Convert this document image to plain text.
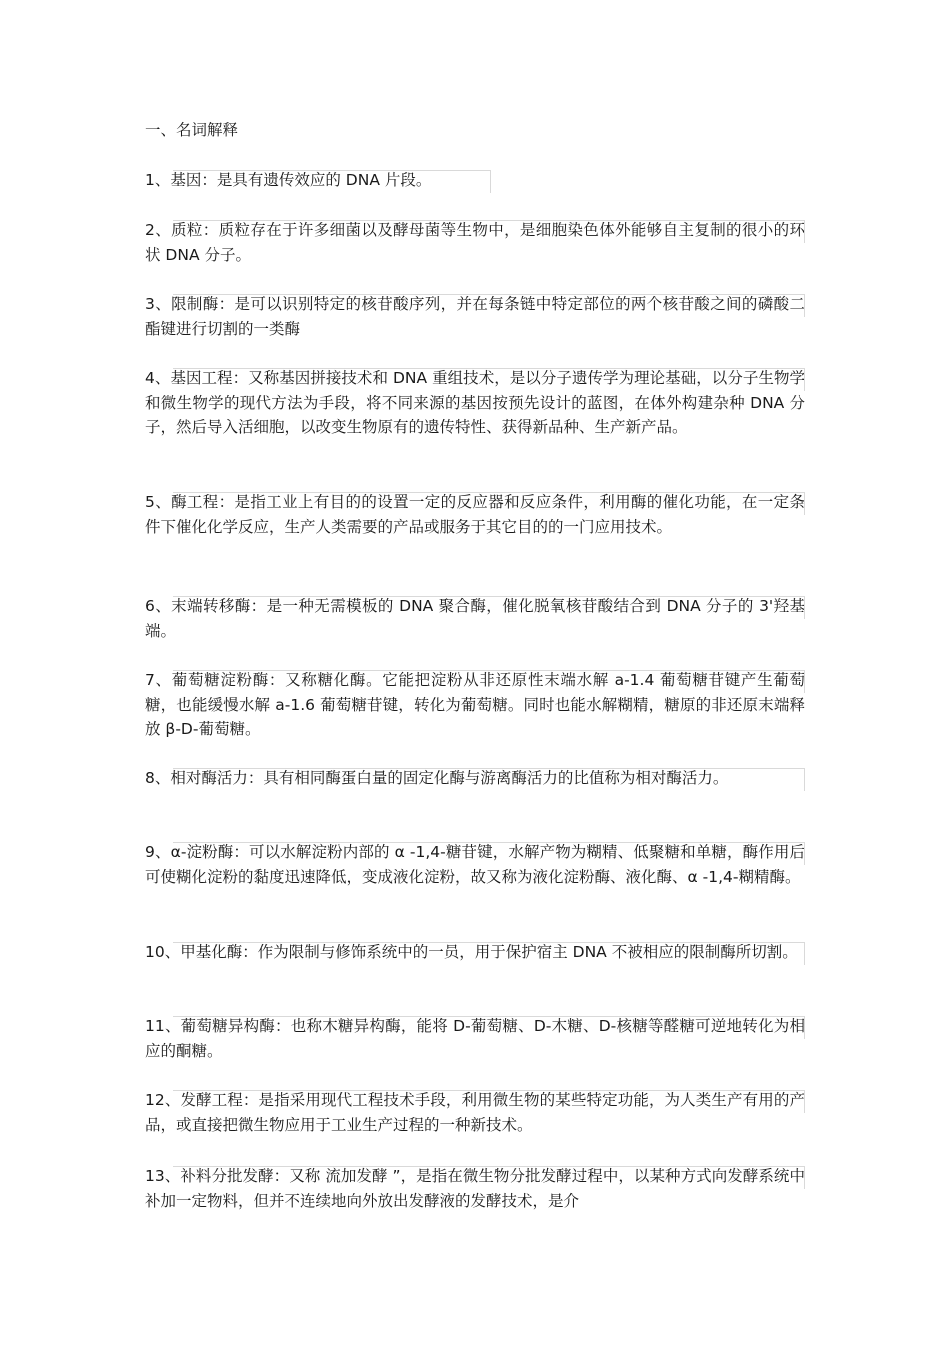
一、名词解释

1、基因：是具有遗传效应的 DNA 片段。

2、质粒：质粒存在于许多细菌以及酵母菌等生物中，是细胞染色体外能够自主复制的很小的环状 DNA 分子。

3、限制酶：是可以识别特定的核苷酸序列，并在每条链中特定部位的两个核苷酸之间的磷酸二酯键进行切割的一类酶

4、基因工程：又称基因拼接技术和 DNA 重组技术，是以分子遗传学为理论基础，以分子生物学和微生物学的现代方法为手段，将不同来源的基因按预先设计的蓝图，在体外构建杂种 DNA 分子，然后导入活细胞，以改变生物原有的遗传特性、获得新品种、生产新产品。

5、酶工程：是指工业上有目的的设置一定的反应器和反应条件，利用酶的催化功能，在一定条件下催化化学反应，生产人类需要的产品或服务于其它目的的一门应用技术。

6、末端转移酶：是一种无需模板的 DNA 聚合酶，催化脱氧核苷酸结合到 DNA 分子的 3'羟基端。

7、葡萄糖淀粉酶：又称糖化酶。它能把淀粉从非还原性末端水解 a-1.4 葡萄糖苷键产生葡萄糖，也能缓慢水解 a-1.6 葡萄糖苷键，转化为葡萄糖。同时也能水解糊精，糖原的非还原末端释放 β-D-葡萄糖。

8、相对酶活力：具有相同酶蛋白量的固定化酶与游离酶活力的比值称为相对酶活力。

9、α-淀粉酶：可以水解淀粉内部的 α -1,4-糖苷键，水解产物为糊精、低聚糖和单糖，酶作用后可使糊化淀粉的黏度迅速降低，变成液化淀粉，故又称为液化淀粉酶、液化酶、α -1,4-糊精酶。

10、甲基化酶：作为限制与修饰系统中的一员，用于保护宿主 DNA 不被相应的限制酶所切割。

11、葡萄糖异构酶：也称木糖异构酶，能将 D-葡萄糖、D-木糖、D-核糖等醛糖可逆地转化为相应的酮糖。

12、发酵工程：是指采用现代工程技术手段，利用微生物的某些特定功能，为人类生产有用的产品，或直接把微生物应用于工业生产过程的一种新技术。

13、补料分批发酵：又称 流加发酵 ”，是指在微生物分批发酵过程中，以某种方式向发酵系统中补加一定物料，但并不连续地向外放出发酵液的发酵技术，是介
